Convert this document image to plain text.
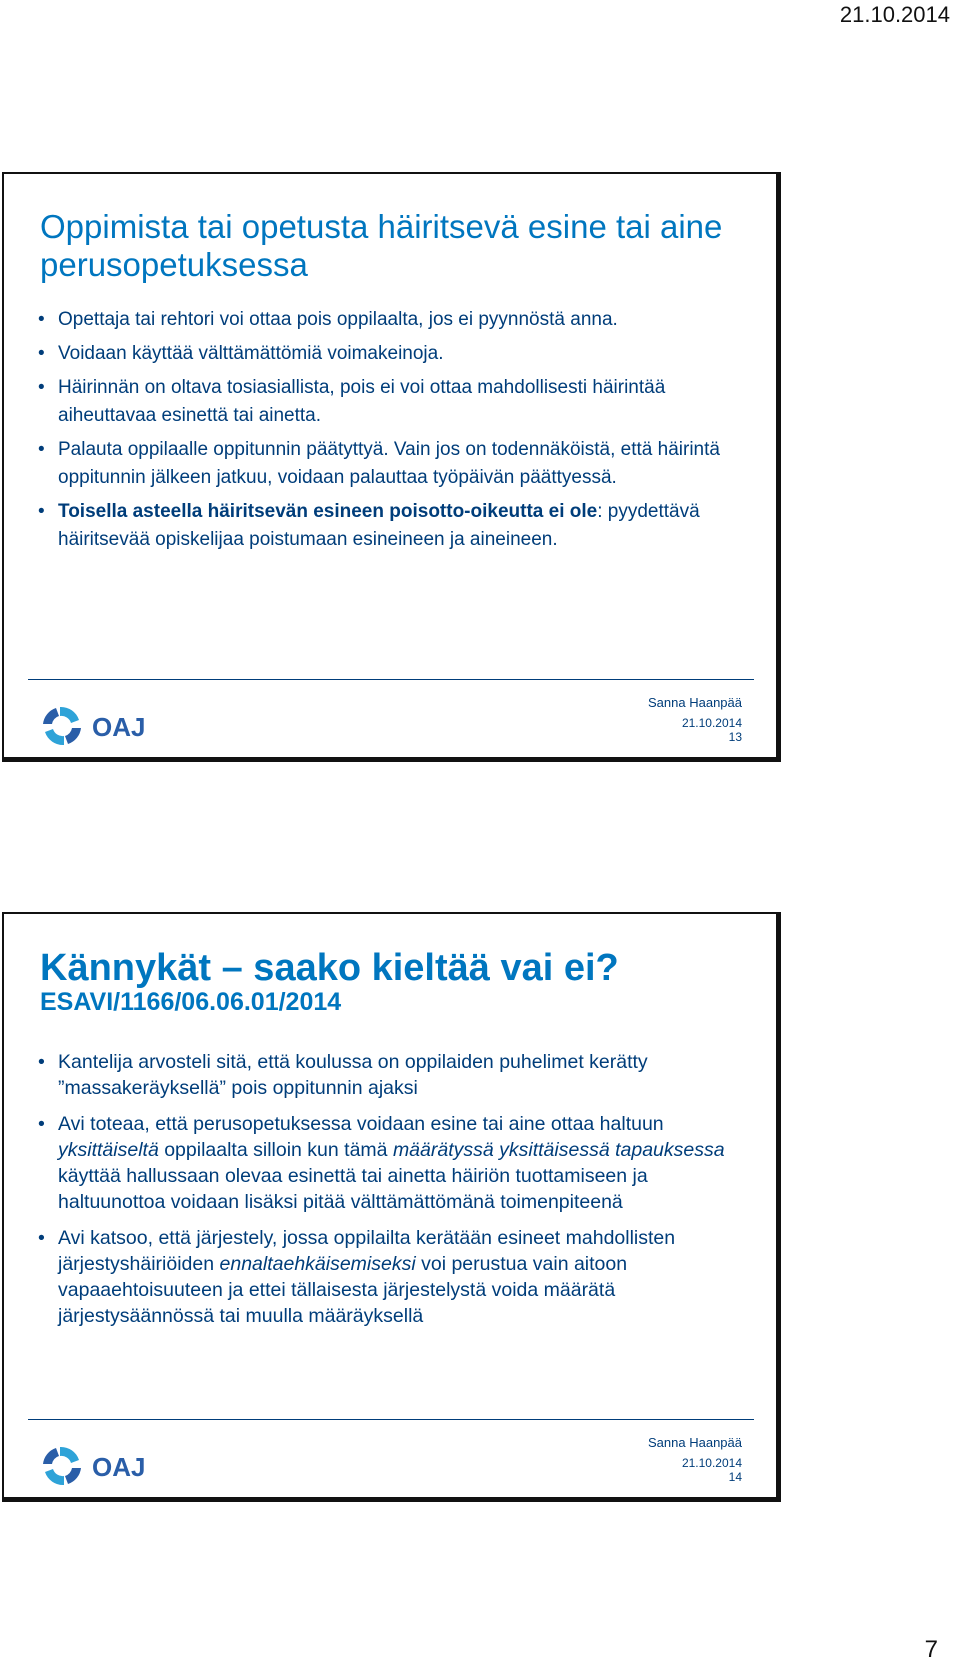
21.10.2014
Oppimista tai opetusta häiritsevä esine tai aine perusopetuksessa
• Opettaja tai rehtori voi ottaa pois oppilaalta, jos ei pyynnöstä anna.
• Voidaan käyttää välttämättömiä voimakeinoja.
• Häirinnän on oltava tosiasiallista, pois ei voi ottaa mahdollisesti häirintää aiheuttavaa esinettä tai ainetta.
• Palauta oppilaalle oppitunnin päätyttyä. Vain jos on todennäköistä, että häirintä oppitunnin jälkeen jatkuu, voidaan palauttaa työpäivän päättyessä.
• Toisella asteella häiritsevän esineen poisotto-oikeutta ei ole: pyydettävä häiritsevää opiskelijaa poistumaan esineineen ja aineineen.
OAJ
Sanna Haanpää
21.10.2014
13
Kännykät – saako kieltää vai ei?
ESAVI/1166/06.06.01/2014
• Kantelija arvosteli sitä, että koulussa on oppilaiden puhelimet kerätty ”massakeräyksellä” pois oppitunnin ajaksi
• Avi toteaa, että perusopetuksessa voidaan esine tai aine ottaa haltuun yksittäiseltä oppilaalta silloin kun tämä määrätyssä yksittäisessä tapauksessa käyttää hallussaan olevaa esinettä tai ainetta häiriön tuottamiseen ja haltuunottoa voidaan lisäksi pitää välttämättömänä toimenpiteenä
• Avi katsoo, että järjestely, jossa oppilailta kerätään esineet mahdollisten järjestyshäiriöiden ennaltaehkäisemiseksi voi perustua vain aitoon vapaaehtoisuuteen ja ettei tällaisesta järjestelystä voida määrätä järjestysäännössä tai muulla määräyksellä
OAJ
Sanna Haanpää
21.10.2014
14
7
